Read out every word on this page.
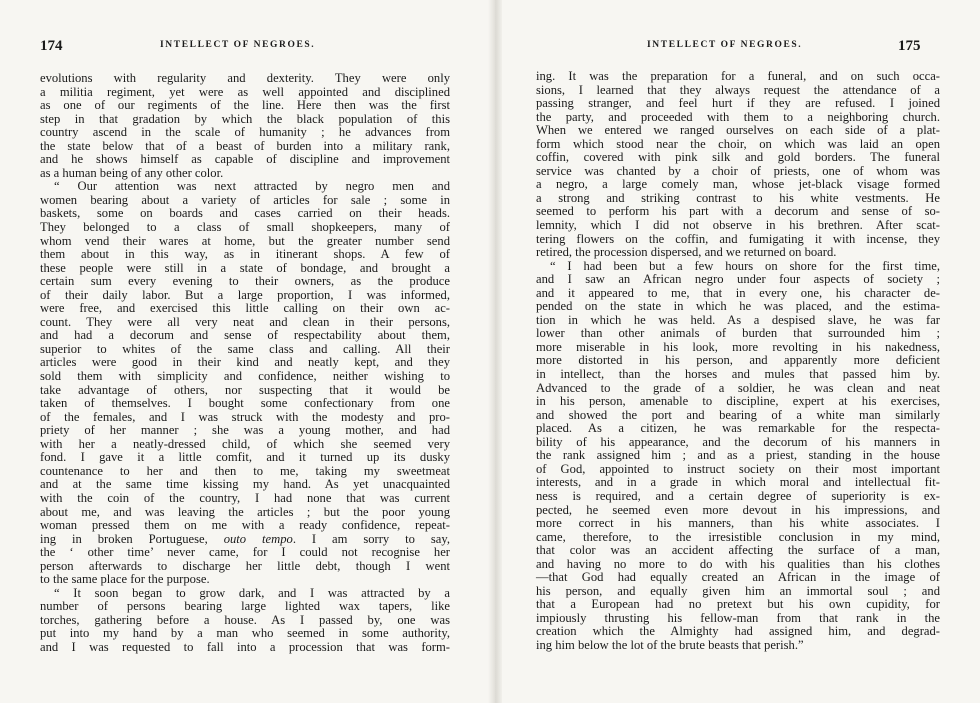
174	INTELLECT OF NEGROES.
evolutions with regularity and dexterity. They were only
a militia regiment, yet were as well appointed and disciplined
as one of our regiments of the line. Here then was the first
step in that gradation by which the black population of this
country ascend in the scale of humanity ; he advances from
the state below that of a beast of burden into a military rank,
and he shows himself as capable of discipline and improvement
as a human being of any other color.
“ Our attention was next attracted by negro men and
women bearing about a variety of articles for sale ; some in
baskets, some on boards and cases carried on their heads.
They belonged to a class of small shopkeepers, many of
whom vend their wares at home, but the greater number send
them about in this way, as in itinerant shops. A few of
these people were still in a state of bondage, and brought a
certain sum every evening to their owners, as the produce
of their daily labor. But a large proportion, I was informed,
were free, and exercised this little calling on their own ac-
count. They were all very neat and clean in their persons,
and had a decorum and sense of respectability about them,
superior to whites of the same class and calling. All their
articles were good in their kind and neatly kept, and they
sold them with simplicity and confidence, neither wishing to
take advantage of others, nor suspecting that it would be
taken of themselves. I bought some confectionary from one
of the females, and I was struck with the modesty and pro-
priety of her manner ; she was a young mother, and had
with her a neatly-dressed child, of which she seemed very
fond. I gave it a little comfit, and it turned up its dusky
countenance to her and then to me, taking my sweetmeat
and at the same time kissing my hand. As yet unacquainted
with the coin of the country, I had none that was current
about me, and was leaving the articles ; but the poor young
woman pressed them on me with a ready confidence, repeat-
ing in broken Portuguese, outo tempo. I am sorry to say,
the ‘ other time’ never came, for I could not recognise her
person afterwards to discharge her little debt, though I went
to the same place for the purpose.
“ It soon began to grow dark, and I was attracted by a
number of persons bearing large lighted wax tapers, like
torches, gathering before a house. As I passed by, one was
put into my hand by a man who seemed in some authority,
and I was requested to fall into a procession that was form-
INTELLECT OF NEGROES.	175
ing. It was the preparation for a funeral, and on such occa-
sions, I learned that they always request the attendance of a
passing stranger, and feel hurt if they are refused. I joined
the party, and proceeded with them to a neighboring church.
When we entered we ranged ourselves on each side of a plat-
form which stood near the choir, on which was laid an open
coffin, covered with pink silk and gold borders. The funeral
service was chanted by a choir of priests, one of whom was
a negro, a large comely man, whose jet-black visage formed
a strong and striking contrast to his white vestments. He
seemed to perform his part with a decorum and sense of so-
lemnity, which I did not observe in his brethren. After scat-
tering flowers on the coffin, and fumigating it with incense, they
retired, the procession dispersed, and we returned on board.
“ I had been but a few hours on shore for the first time,
and I saw an African negro under four aspects of society ;
and it appeared to me, that in every one, his character de-
pended on the state in which he was placed, and the estima-
tion in which he was held. As a despised slave, he was far
lower than other animals of burden that surrounded him ;
more miserable in his look, more revolting in his nakedness,
more distorted in his person, and apparently more deficient
in intellect, than the horses and mules that passed him by.
Advanced to the grade of a soldier, he was clean and neat
in his person, amenable to discipline, expert at his exercises,
and showed the port and bearing of a white man similarly
placed. As a citizen, he was remarkable for the respecta-
bility of his appearance, and the decorum of his manners in
the rank assigned him ; and as a priest, standing in the house
of God, appointed to instruct society on their most important
interests, and in a grade in which moral and intellectual fit-
ness is required, and a certain degree of superiority is ex-
pected, he seemed even more devout in his impressions, and
more correct in his manners, than his white associates. I
came, therefore, to the irresistible conclusion in my mind,
that color was an accident affecting the surface of a man,
and having no more to do with his qualities than his clothes
—that God had equally created an African in the image of
his person, and equally given him an immortal soul ; and
that a European had no pretext but his own cupidity, for
impiously thrusting his fellow-man from that rank in the
creation which the Almighty had assigned him, and degrad-
ing him below the lot of the brute beasts that perish.”
